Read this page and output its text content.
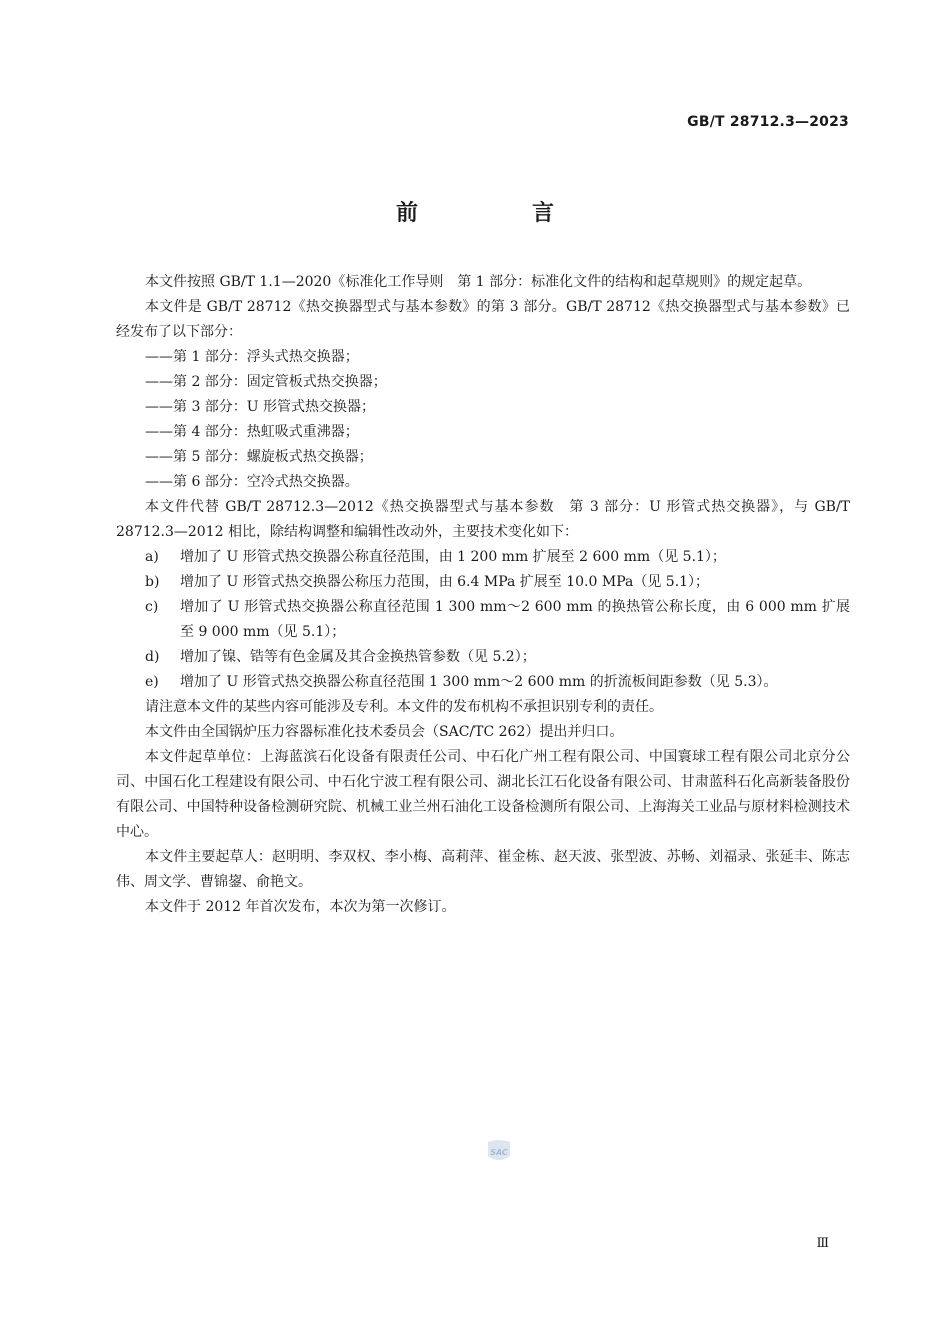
GB/T 28712.3—2023
前　言

本文件按照 GB/T 1.1—2020《标准化工作导则　第 1 部分：标准化文件的结构和起草规则》的规定起草。

本文件是 GB/T 28712《热交换器型式与基本参数》的第 3 部分。GB/T 28712《热交换器型式与基本参数》已经发布了以下部分：

——第 1 部分：浮头式热交换器；

——第 2 部分：固定管板式热交换器；

——第 3 部分：U 形管式热交换器；

——第 4 部分：热虹吸式重沸器；

——第 5 部分：螺旋板式热交换器；

——第 6 部分：空冷式热交换器。

本文件代替 GB/T 28712.3—2012《热交换器型式与基本参数　第 3 部分：U 形管式热交换器》，与 GB/T 28712.3—2012 相比，除结构调整和编辑性改动外，主要技术变化如下：

a)	增加了 U 形管式热交换器公称直径范围，由 1 200 mm 扩展至 2 600 mm（见 5.1）；
b)	增加了 U 形管式热交换器公称压力范围，由 6.4 MPa 扩展至 10.0 MPa（见 5.1）；
c)	增加了 U 形管式热交换器公称直径范围 1 300 mm～2 600 mm 的换热管公称长度，由 6 000 mm 扩展至 9 000 mm（见 5.1）；
d)	增加了镍、锆等有色金属及其合金换热管参数（见 5.2）；
e)	增加了 U 形管式热交换器公称直径范围 1 300 mm～2 600 mm 的折流板间距参数（见 5.3）。

请注意本文件的某些内容可能涉及专利。本文件的发布机构不承担识别专利的责任。

本文件由全国锅炉压力容器标准化技术委员会（SAC/TC 262）提出并归口。

本文件起草单位：上海蓝滨石化设备有限责任公司、中石化广州工程有限公司、中国寰球工程有限公司北京分公司、中国石化工程建设有限公司、中石化宁波工程有限公司、湖北长江石化设备有限公司、甘肃蓝科石化高新装备股份有限公司、中国特种设备检测研究院、机械工业兰州石油化工设备检测所有限公司、上海海关工业品与原材料检测技术中心。

本文件主要起草人：赵明明、李双权、李小梅、高莉萍、崔金栋、赵天波、张型波、苏畅、刘福录、张延丰、陈志伟、周文学、曹锦鋆、俞艳文。

本文件于 2012 年首次发布，本次为第一次修订。

SAC
Ⅲ
